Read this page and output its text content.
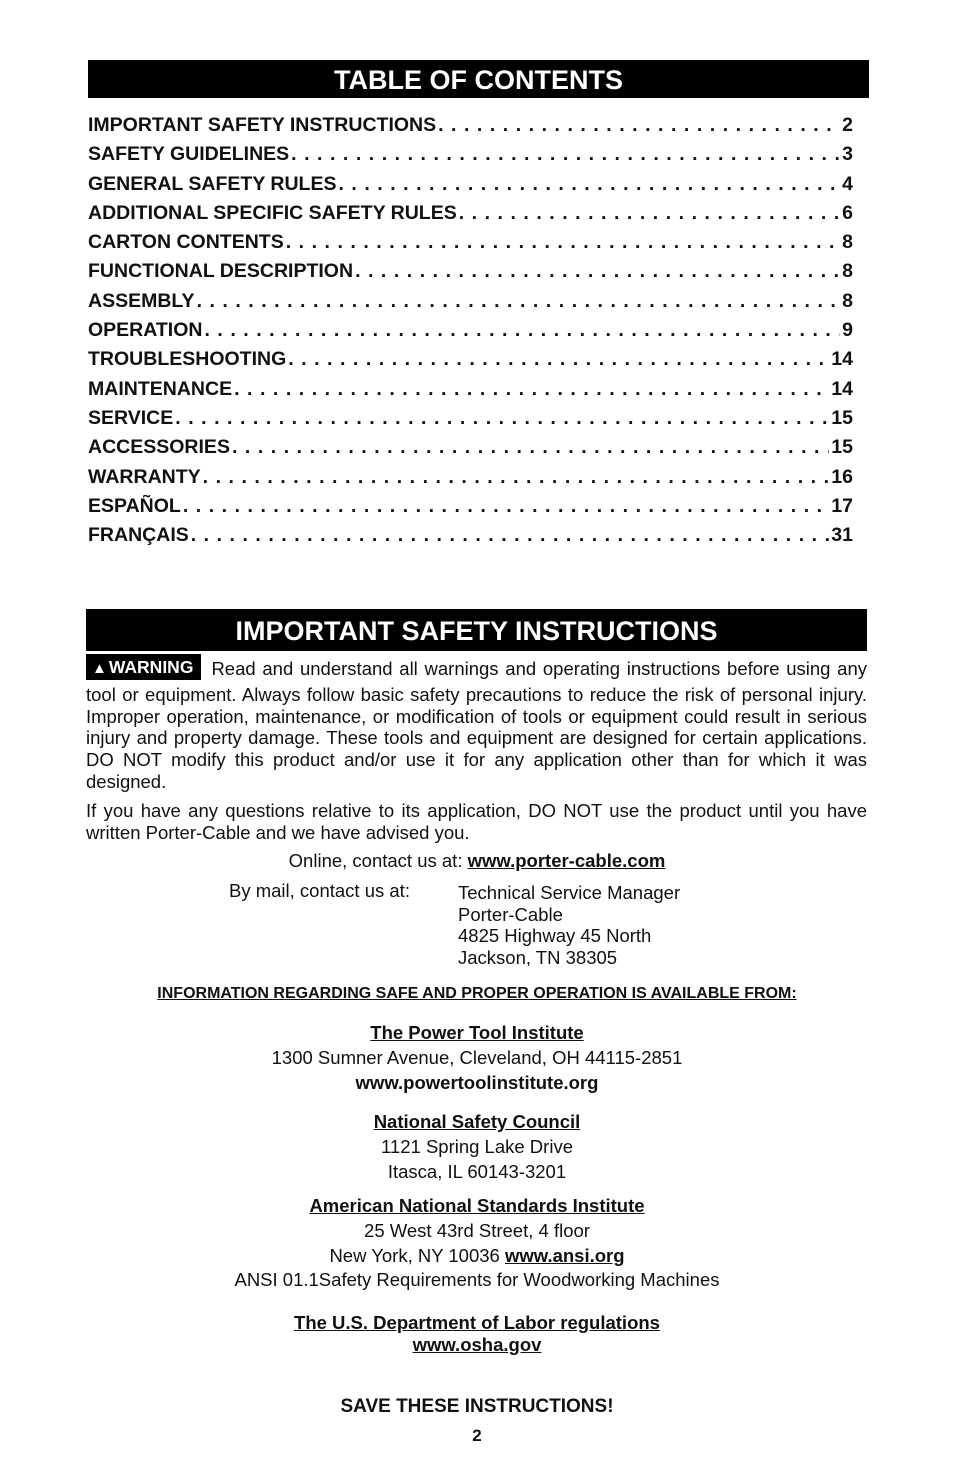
TABLE OF CONTENTS
IMPORTANT SAFETY INSTRUCTIONS . . .	2
SAFETY GUIDELINES . . .	3
GENERAL SAFETY RULES . . .	4
ADDITIONAL SPECIFIC SAFETY RULES . . .	6
CARTON CONTENTS . . .	8
FUNCTIONAL DESCRIPTION . . .	8
ASSEMBLY . . .	8
OPERATION . . .	9
TROUBLESHOOTING . . .	14
MAINTENANCE . . .	14
SERVICE . . .	15
ACCESSORIES . . .	15
WARRANTY . . .	16
ESPAÑOL . . .	17
FRANÇAIS . . .	31
IMPORTANT SAFETY INSTRUCTIONS
▲ WARNING Read and understand all warnings and operating instructions before using any tool or equipment. Always follow basic safety precautions to reduce the risk of personal injury. Improper operation, maintenance, or modification of tools or equipment could result in serious injury and property damage. These tools and equipment are designed for certain applications. DO NOT modify this product and/or use it for any application other than for which it was designed.
If you have any questions relative to its application, DO NOT use the product until you have written Porter-Cable and we have advised you.
Online, contact us at: www.porter-cable.com
By mail, contact us at:	Technical Service Manager
Porter-Cable
4825 Highway 45 North
Jackson, TN 38305
INFORMATION REGARDING SAFE AND PROPER OPERATION IS AVAILABLE FROM:
The Power Tool Institute
1300 Sumner Avenue, Cleveland, OH 44115-2851
www.powertoolinstitute.org
National Safety Council
1121 Spring Lake Drive
Itasca, IL 60143-3201
American National Standards Institute
25 West 43rd Street, 4 floor
New York, NY 10036 www.ansi.org
ANSI 01.1Safety Requirements for Woodworking Machines
The U.S. Department of Labor regulations
www.osha.gov
SAVE THESE INSTRUCTIONS!
2
